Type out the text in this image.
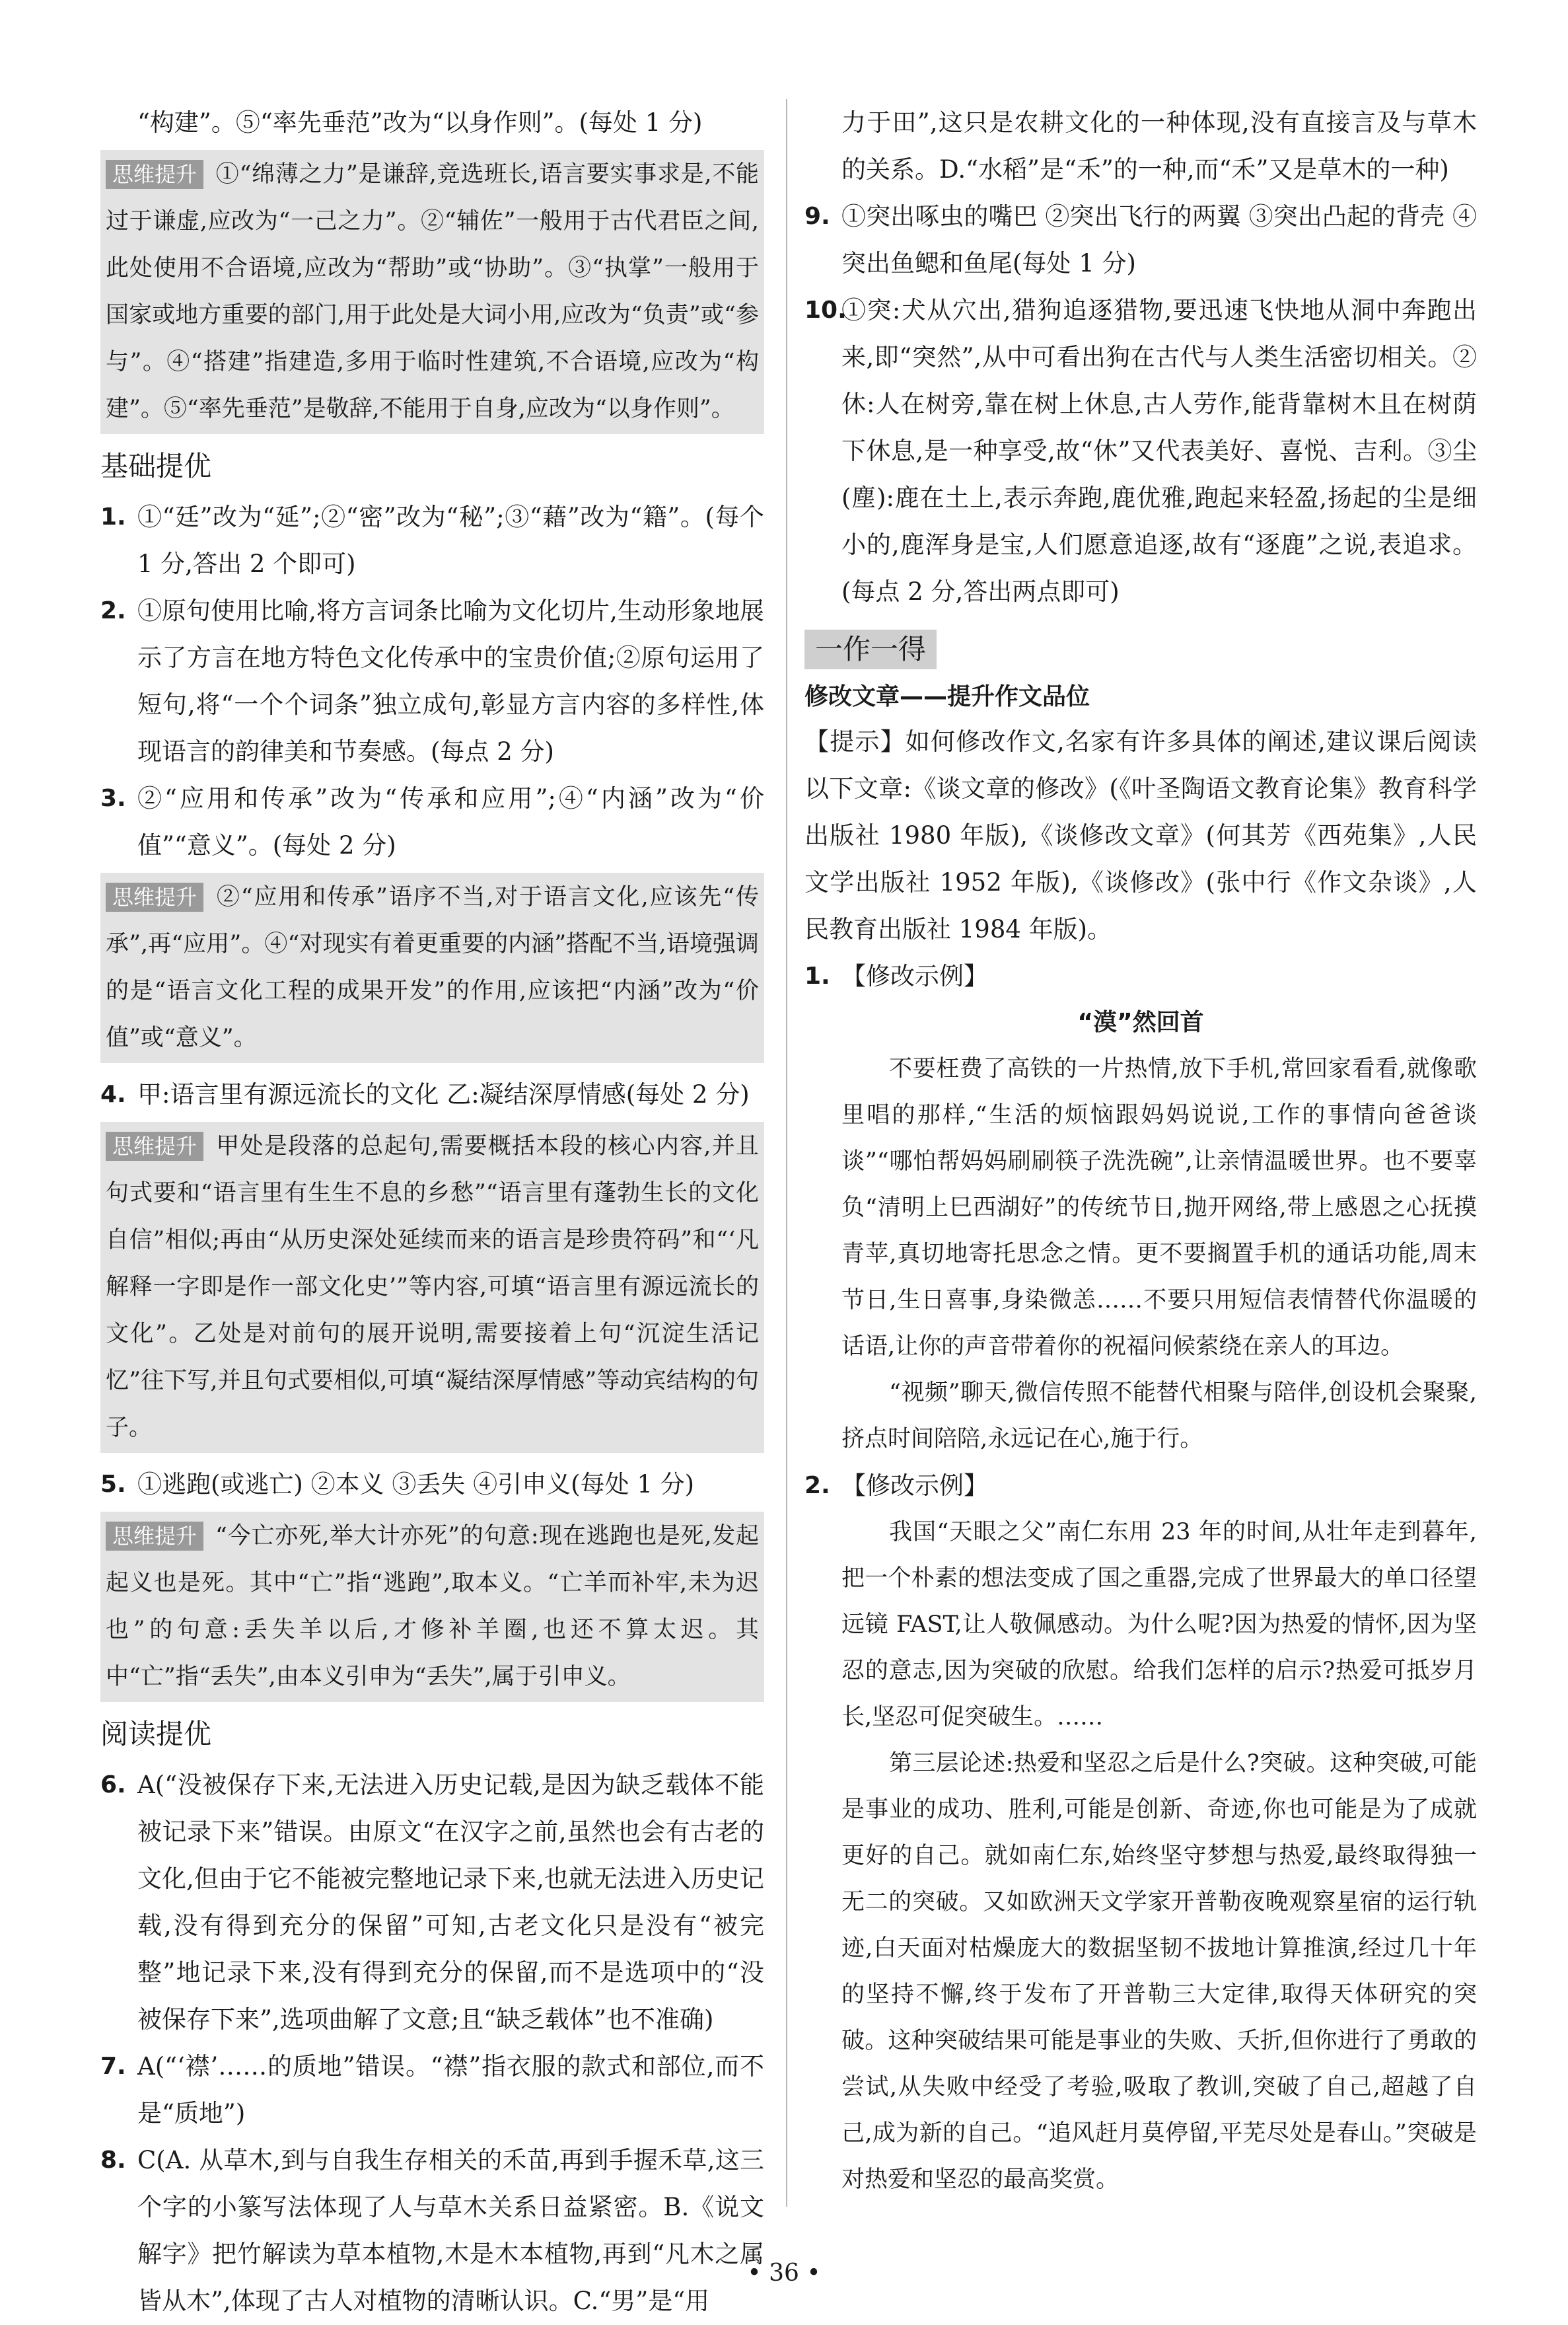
“构建”。⑤“率先垂范”改为“以身作则”。(每处 1 分)

思维提升 ①“绵薄之力”是谦辞,竞选班长,语言要实事求是,不能过于谦虚,应改为“一己之力”。②“辅佐”一般用于古代君臣之间,此处使用不合语境,应改为“帮助”或“协助”。③“执掌”一般用于国家或地方重要的部门,用于此处是大词小用,应改为“负责”或“参与”。④“搭建”指建造,多用于临时性建筑,不合语境,应改为“构建”。⑤“率先垂范”是敬辞,不能用于自身,应改为“以身作则”。
基础提优
1. ①“廷”改为“延”;②“密”改为“秘”;③“藉”改为“籍”。(每个 1 分,答出 2 个即可)
2. ①原句使用比喻,将方言词条比喻为文化切片,生动形象地展示了方言在地方特色文化传承中的宝贵价值;②原句运用了短句,将“一个个词条”独立成句,彰显方言内容的多样性,体现语言的韵律美和节奏感。(每点 2 分)
3. ②“应用和传承”改为“传承和应用”;④“内涵”改为“价值”“意义”。(每处 2 分)
思维提升 ②“应用和传承”语序不当,对于语言文化,应该先“传承”,再“应用”。④“对现实有着更重要的内涵”搭配不当,语境强调的是“语言文化工程的成果开发”的作用,应该把“内涵”改为“价值”或“意义”。
4. 甲:语言里有源远流长的文化 乙:凝结深厚情感(每处 2 分)
思维提升 甲处是段落的总起句,需要概括本段的核心内容,并且句式要和“语言里有生生不息的乡愁”“语言里有蓬勃生长的文化自信”相似;再由“从历史深处延续而来的语言是珍贵符码”和“‘凡解释一字即是作一部文化史’”等内容,可填“语言里有源远流长的文化”。乙处是对前句的展开说明,需要接着上句“沉淀生活记忆”往下写,并且句式要相似,可填“凝结深厚情感”等动宾结构的句子。
5. ①逃跑(或逃亡) ②本义 ③丢失 ④引申义(每处 1 分)
思维提升 “今亡亦死,举大计亦死”的句意:现在逃跑也是死,发起起义也是死。其中“亡”指“逃跑”,取本义。“亡羊而补牢,未为迟也”的句意:丢失羊以后,才修补羊圈,也还不算太迟。其中“亡”指“丢失”,由本义引申为“丢失”,属于引申义。
阅读提优
6. A(“没被保存下来,无法进入历史记载,是因为缺乏载体不能被记录下来”错误。由原文“在汉字之前,虽然也会有古老的文化,但由于它不能被完整地记录下来,也就无法进入历史记载,没有得到充分的保留”可知,古老文化只是没有“被完整”地记录下来,没有得到充分的保留,而不是选项中的“没被保存下来”,选项曲解了文意;且“缺乏载体”也不准确)
7. A(“‘襟’……的质地”错误。“襟”指衣服的款式和部位,而不是“质地”)
8. C(A. 从草木,到与自我生存相关的禾苗,再到手握禾草,这三个字的小篆写法体现了人与草木关系日益紧密。B.《说文解字》把竹解读为草本植物,木是木本植物,再到“凡木之属皆从木”,体现了古人对植物的清晰认识。C.“男”是“用

力于田”,这只是农耕文化的一种体现,没有直接言及与草木的关系。D.“水稻”是“禾”的一种,而“禾”又是草木的一种)

9. ①突出啄虫的嘴巴 ②突出飞行的两翼 ③突出凸起的背壳 ④突出鱼鳃和鱼尾(每处 1 分)
10.
①突:犬从穴出,猎狗追逐猎物,要迅速飞快地从洞中奔跑出来,即“突然”,从中可看出狗在古代与人类生活密切相关。②休:人在树旁,靠在树上休息,古人劳作,能背靠树木且在树荫下休息,是一种享受,故“休”又代表美好、喜悦、吉利。③尘(塵):鹿在土上,表示奔跑,鹿优雅,跑起来轻盈,扬起的尘是细小的,鹿浑身是宝,人们愿意追逐,故有“逐鹿”之说,表追求。(每点 2 分,答出两点即可)
一作一得
修改文章——提升作文品位

【提示】如何修改作文,名家有许多具体的阐述,建议课后阅读以下文章:《谈文章的修改》(《叶圣陶语文教育论集》教育科学出版社 1980 年版),《谈修改文章》(何其芳《西苑集》,人民文学出版社 1952 年版),《谈修改》(张中行《作文杂谈》,人民教育出版社 1984 年版)。

1. 【修改示例】
“漠”然回首

不要枉费了高铁的一片热情,放下手机,常回家看看,就像歌里唱的那样,“生活的烦恼跟妈妈说说,工作的事情向爸爸谈谈”“哪怕帮妈妈刷刷筷子洗洗碗”,让亲情温暖世界。也不要辜负“清明上巳西湖好”的传统节日,抛开网络,带上感恩之心抚摸青苹,真切地寄托思念之情。更不要搁置手机的通话功能,周末节日,生日喜事,身染微恙……不要只用短信表情替代你温暖的话语,让你的声音带着你的祝福问候萦绕在亲人的耳边。

“视频”聊天,微信传照不能替代相聚与陪伴,创设机会聚聚,挤点时间陪陪,永远记在心,施于行。

2. 【修改示例】

我国“天眼之父”南仁东用 23 年的时间,从壮年走到暮年,把一个朴素的想法变成了国之重器,完成了世界最大的单口径望远镜 FAST,让人敬佩感动。为什么呢?因为热爱的情怀,因为坚忍的意志,因为突破的欣慰。给我们怎样的启示?热爱可抵岁月长,坚忍可促突破生。……

第三层论述:热爱和坚忍之后是什么?突破。这种突破,可能是事业的成功、胜利,可能是创新、奇迹,你也可能是为了成就更好的自己。就如南仁东,始终坚守梦想与热爱,最终取得独一无二的突破。又如欧洲天文学家开普勒夜晚观察星宿的运行轨迹,白天面对枯燥庞大的数据坚韧不拔地计算推演,经过几十年的坚持不懈,终于发布了开普勒三大定律,取得天体研究的突破。这种突破结果可能是事业的失败、夭折,但你进行了勇敢的尝试,从失败中经受了考验,吸取了教训,突破了自己,超越了自己,成为新的自己。“追风赶月莫停留,平芜尽处是春山。”突破是对热爱和坚忍的最高奖赏。

• 36 •
